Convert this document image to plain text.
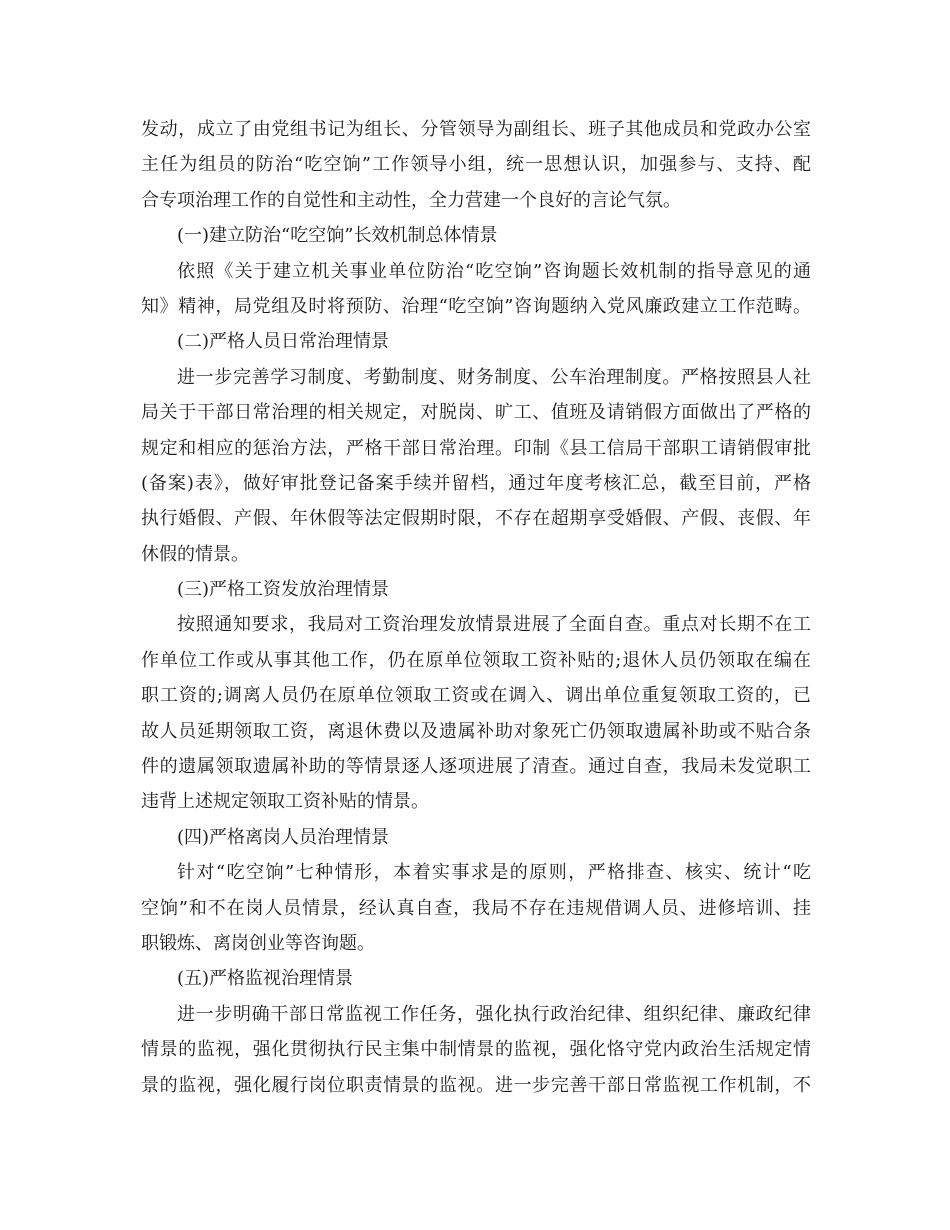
发动，成立了由党组书记为组长、分管领导为副组长、班子其他成员和党政办公室
主任为组员的防治“吃空饷”工作领导小组，统一思想认识，加强参与、支持、配
合专项治理工作的自觉性和主动性，全力营建一个良好的言论气氛。
(一)建立防治“吃空饷”长效机制总体情景
依照《关于建立机关事业单位防治“吃空饷”咨询题长效机制的指导意见的通
知》精神，局党组及时将预防、治理“吃空饷”咨询题纳入党风廉政建立工作范畴。
(二)严格人员日常治理情景
进一步完善学习制度、考勤制度、财务制度、公车治理制度。严格按照县人社
局关于干部日常治理的相关规定，对脱岗、旷工、值班及请销假方面做出了严格的
规定和相应的惩治方法，严格干部日常治理。印制《县工信局干部职工请销假审批
(备案)表》，做好审批登记备案手续并留档，通过年度考核汇总，截至目前，严格
执行婚假、产假、年休假等法定假期时限，不存在超期享受婚假、产假、丧假、年
休假的情景。
(三)严格工资发放治理情景
按照通知要求，我局对工资治理发放情景进展了全面自查。重点对长期不在工
作单位工作或从事其他工作，仍在原单位领取工资补贴的;退休人员仍领取在编在
职工资的;调离人员仍在原单位领取工资或在调入、调出单位重复领取工资的，已
故人员延期领取工资，离退休费以及遗属补助对象死亡仍领取遗属补助或不贴合条
件的遗属领取遗属补助的等情景逐人逐项进展了清查。通过自查，我局未发觉职工
违背上述规定领取工资补贴的情景。
(四)严格离岗人员治理情景
针对“吃空饷”七种情形，本着实事求是的原则，严格排查、核实、统计“吃
空饷”和不在岗人员情景，经认真自查，我局不存在违规借调人员、进修培训、挂
职锻炼、离岗创业等咨询题。
(五)严格监视治理情景
进一步明确干部日常监视工作任务，强化执行政治纪律、组织纪律、廉政纪律
情景的监视，强化贯彻执行民主集中制情景的监视，强化恪守党内政治生活规定情
景的监视，强化履行岗位职责情景的监视。进一步完善干部日常监视工作机制，不
